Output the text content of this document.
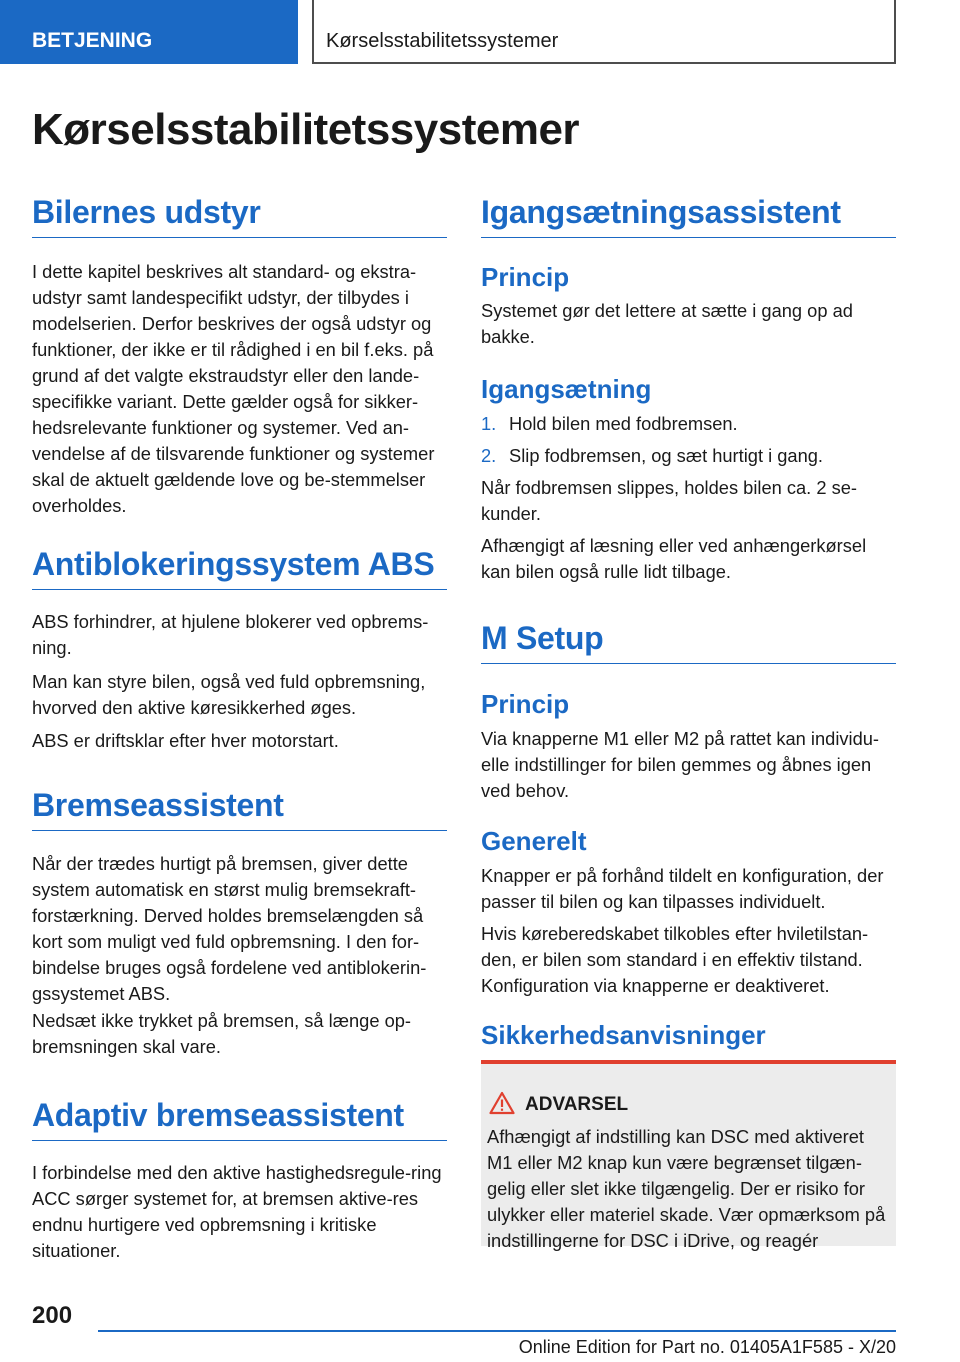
BETJENING	Kørselsstabilitetssystemer
Kørselsstabilitetssystemer
Bilernes udstyr

I dette kapitel beskrives alt standard- og ekstra-udstyr samt landespecifikt udstyr, der tilbydes i modelserien. Derfor beskrives der også udstyr og funktioner, der ikke er til rådighed i en bil f.eks. på grund af det valgte ekstraudstyr eller den lande-specifikke variant. Dette gælder også for sikker-hedsrelevante funktioner og systemer. Ved an-vendelse af de tilsvarende funktioner og systemer skal de aktuelt gældende love og be-stemmelser overholdes.

Antiblokeringssystem ABS

ABS forhindrer, at hjulene blokerer ved opbrems-ning.

Man kan styre bilen, også ved fuld opbremsning, hvorved den aktive køresikkerhed øges.

ABS er driftsklar efter hver motorstart.

Bremseassistent

Når der trædes hurtigt på bremsen, giver dette system automatisk en størst mulig bremsekraft-forstærkning. Derved holdes bremselængden så kort som muligt ved fuld opbremsning. I den for-bindelse bruges også fordelene ved antiblokerin-gssystemet ABS.

Nedsæt ikke trykket på bremsen, så længe op-bremsningen skal vare.

Adaptiv bremseassistent

I forbindelse med den aktive hastighedsregule-ring ACC sørger systemet for, at bremsen aktive-res endnu hurtigere ved opbremsning i kritiske situationer.

Igangsætningsassistent
Princip

Systemet gør det lettere at sætte i gang op ad bakke.

Igangsætning
1. Hold bilen med fodbremsen.
2. Slip fodbremsen, og sæt hurtigt i gang.

Når fodbremsen slippes, holdes bilen ca. 2 se-kunder.

Afhængigt af læsning eller ved anhængerkørsel kan bilen også rulle lidt tilbage.

M Setup
Princip

Via knapperne M1 eller M2 på rattet kan individu-elle indstillinger for bilen gemmes og åbnes igen ved behov.

Generelt

Knapper er på forhånd tildelt en konfiguration, der passer til bilen og kan tilpasses individuelt.

Hvis køreberedskabet tilkobles efter hviletilstan-den, er bilen som standard i en effektiv tilstand. Konfiguration via knapperne er deaktiveret.

Sikkerhedsanvisninger
ADVARSEL

Afhængigt af indstilling kan DSC med aktiveret M1 eller M2 knap kun være begrænset tilgæn-gelig eller slet ikke tilgængelig. Der er risiko for ulykker eller materiel skade. Vær opmærksom på indstillingerne for DSC i iDrive, og reagér

200
Online Edition for Part no. 01405A1F585 - X/20
